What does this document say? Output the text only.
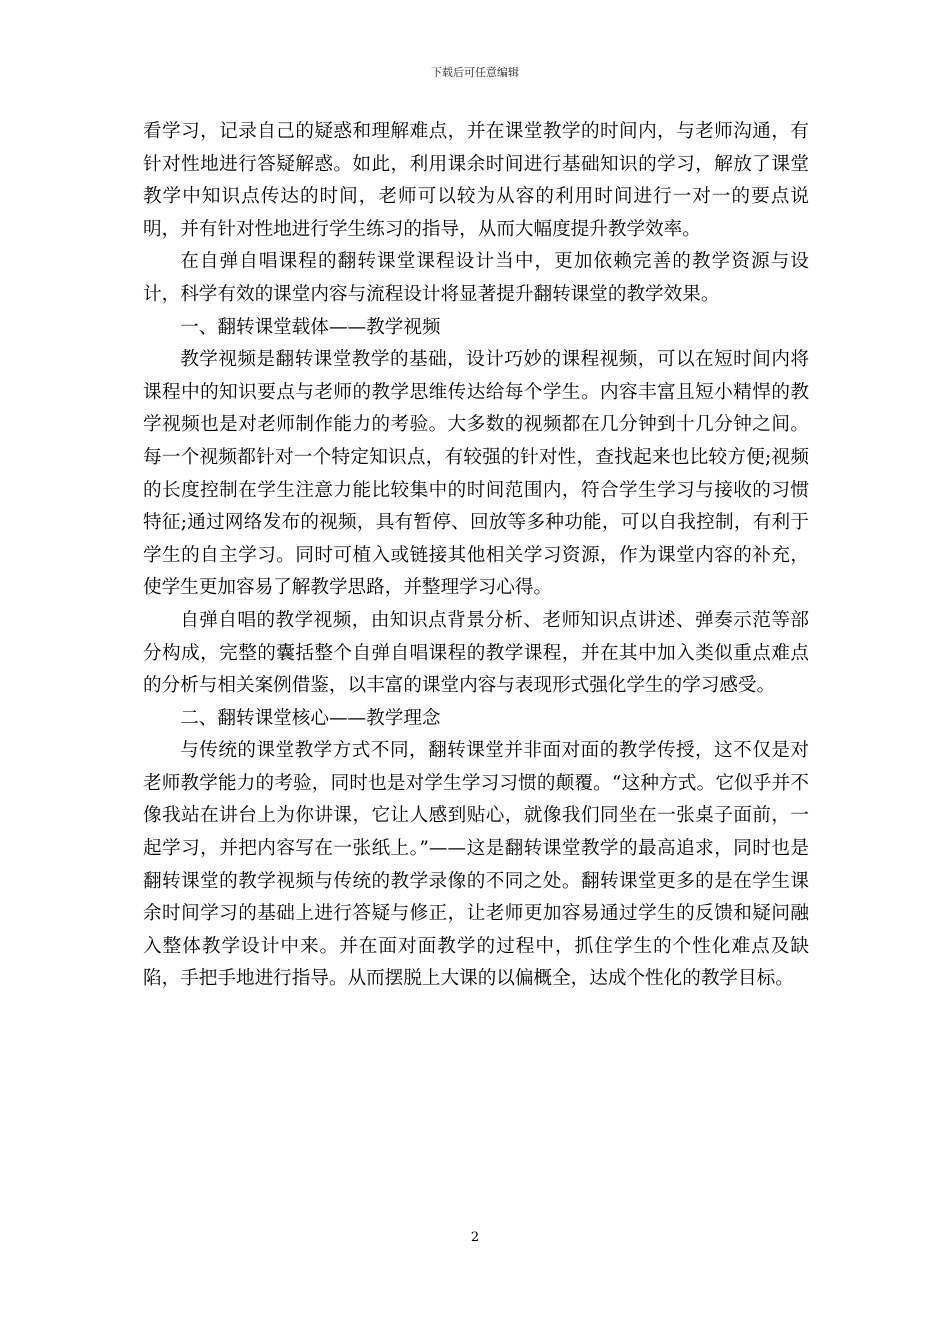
下载后可任意编辑

看学习，记录自己的疑惑和理解难点，并在课堂教学的时间内，与老师沟通，有针对性地进行答疑解惑。如此，利用课余时间进行基础知识的学习，解放了课堂教学中知识点传达的时间，老师可以较为从容的利用时间进行一对一的要点说明，并有针对性地进行学生练习的指导，从而大幅度提升教学效率。

在自弹自唱课程的翻转课堂课程设计当中，更加依赖完善的教学资源与设计，科学有效的课堂内容与流程设计将显著提升翻转课堂的教学效果。

一、翻转课堂载体——教学视频

教学视频是翻转课堂教学的基础，设计巧妙的课程视频，可以在短时间内将课程中的知识要点与老师的教学思维传达给每个学生。内容丰富且短小精悍的教学视频也是对老师制作能力的考验。大多数的视频都在几分钟到十几分钟之间。每一个视频都针对一个特定知识点，有较强的针对性，查找起来也比较方便;视频的长度控制在学生注意力能比较集中的时间范围内，符合学生学习与接收的习惯特征;通过网络发布的视频，具有暂停、回放等多种功能，可以自我控制，有利于学生的自主学习。同时可植入或链接其他相关学习资源，作为课堂内容的补充，使学生更加容易了解教学思路，并整理学习心得。

自弹自唱的教学视频，由知识点背景分析、老师知识点讲述、弹奏示范等部分构成，完整的囊括整个自弹自唱课程的教学课程，并在其中加入类似重点难点的分析与相关案例借鉴，以丰富的课堂内容与表现形式强化学生的学习感受。

二、翻转课堂核心——教学理念

与传统的课堂教学方式不同，翻转课堂并非面对面的教学传授，这不仅是对老师教学能力的考验，同时也是对学生学习习惯的颠覆。“这种方式。它似乎并不像我站在讲台上为你讲课，它让人感到贴心，就像我们同坐在一张桌子面前，一起学习，并把内容写在一张纸上。”——这是翻转课堂教学的最高追求，同时也是翻转课堂的教学视频与传统的教学录像的不同之处。翻转课堂更多的是在学生课余时间学习的基础上进行答疑与修正，让老师更加容易通过学生的反馈和疑问融入整体教学设计中来。并在面对面教学的过程中，抓住学生的个性化难点及缺陷，手把手地进行指导。从而摆脱上大课的以偏概全，达成个性化的教学目标。

2
